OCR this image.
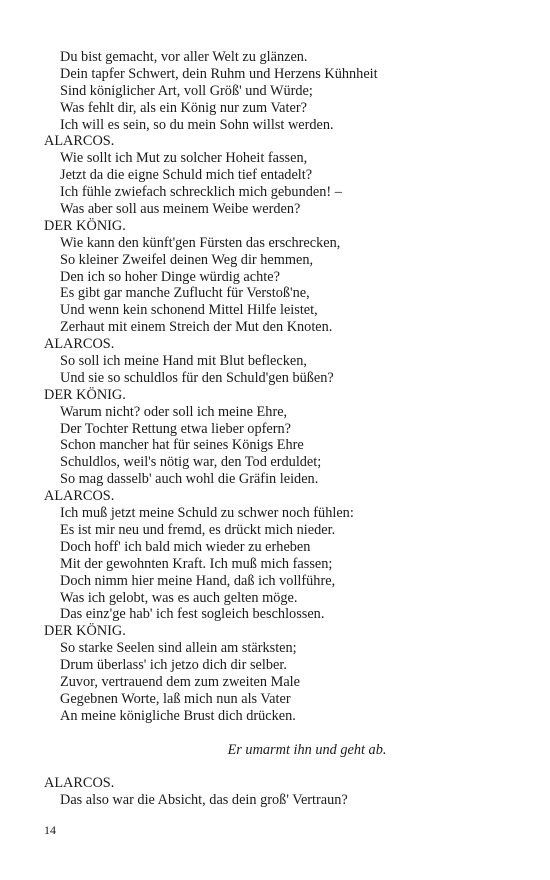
Du bist gemacht, vor aller Welt zu glänzen.
Dein tapfer Schwert, dein Ruhm und Herzens Kühnheit
Sind königlicher Art, voll Größ' und Würde;
Was fehlt dir, als ein König nur zum Vater?
Ich will es sein, so du mein Sohn willst werden.
ALARCOS.
Wie sollt ich Mut zu solcher Hoheit fassen,
Jetzt da die eigne Schuld mich tief entadelt?
Ich fühle zwiefach schrecklich mich gebunden! –
Was aber soll aus meinem Weibe werden?
DER KÖNIG.
Wie kann den künft'gen Fürsten das erschrecken,
So kleiner Zweifel deinen Weg dir hemmen,
Den ich so hoher Dinge würdig achte?
Es gibt gar manche Zuflucht für Verstoß'ne,
Und wenn kein schonend Mittel Hilfe leistet,
Zerhaut mit einem Streich der Mut den Knoten.
ALARCOS.
So soll ich meine Hand mit Blut beflecken,
Und sie so schuldlos für den Schuld'gen büßen?
DER KÖNIG.
Warum nicht? oder soll ich meine Ehre,
Der Tochter Rettung etwa lieber opfern?
Schon mancher hat für seines Königs Ehre
Schuldlos, weil's nötig war, den Tod erduldet;
So mag dasselb' auch wohl die Gräfin leiden.
ALARCOS.
Ich muß jetzt meine Schuld zu schwer noch fühlen:
Es ist mir neu und fremd, es drückt mich nieder.
Doch hoff' ich bald mich wieder zu erheben
Mit der gewohnten Kraft. Ich muß mich fassen;
Doch nimm hier meine Hand, daß ich vollführe,
Was ich gelobt, was es auch gelten möge.
Das einz'ge hab' ich fest sogleich beschlossen.
DER KÖNIG.
So starke Seelen sind allein am stärksten;
Drum überlass' ich jetzo dich dir selber.
Zuvor, vertrauend dem zum zweiten Male
Gegebnen Worte, laß mich nun als Vater
An meine königliche Brust dich drücken.
Er umarmt ihn und geht ab.
ALARCOS.
Das also war die Absicht, das dein groß' Vertraun?
14
